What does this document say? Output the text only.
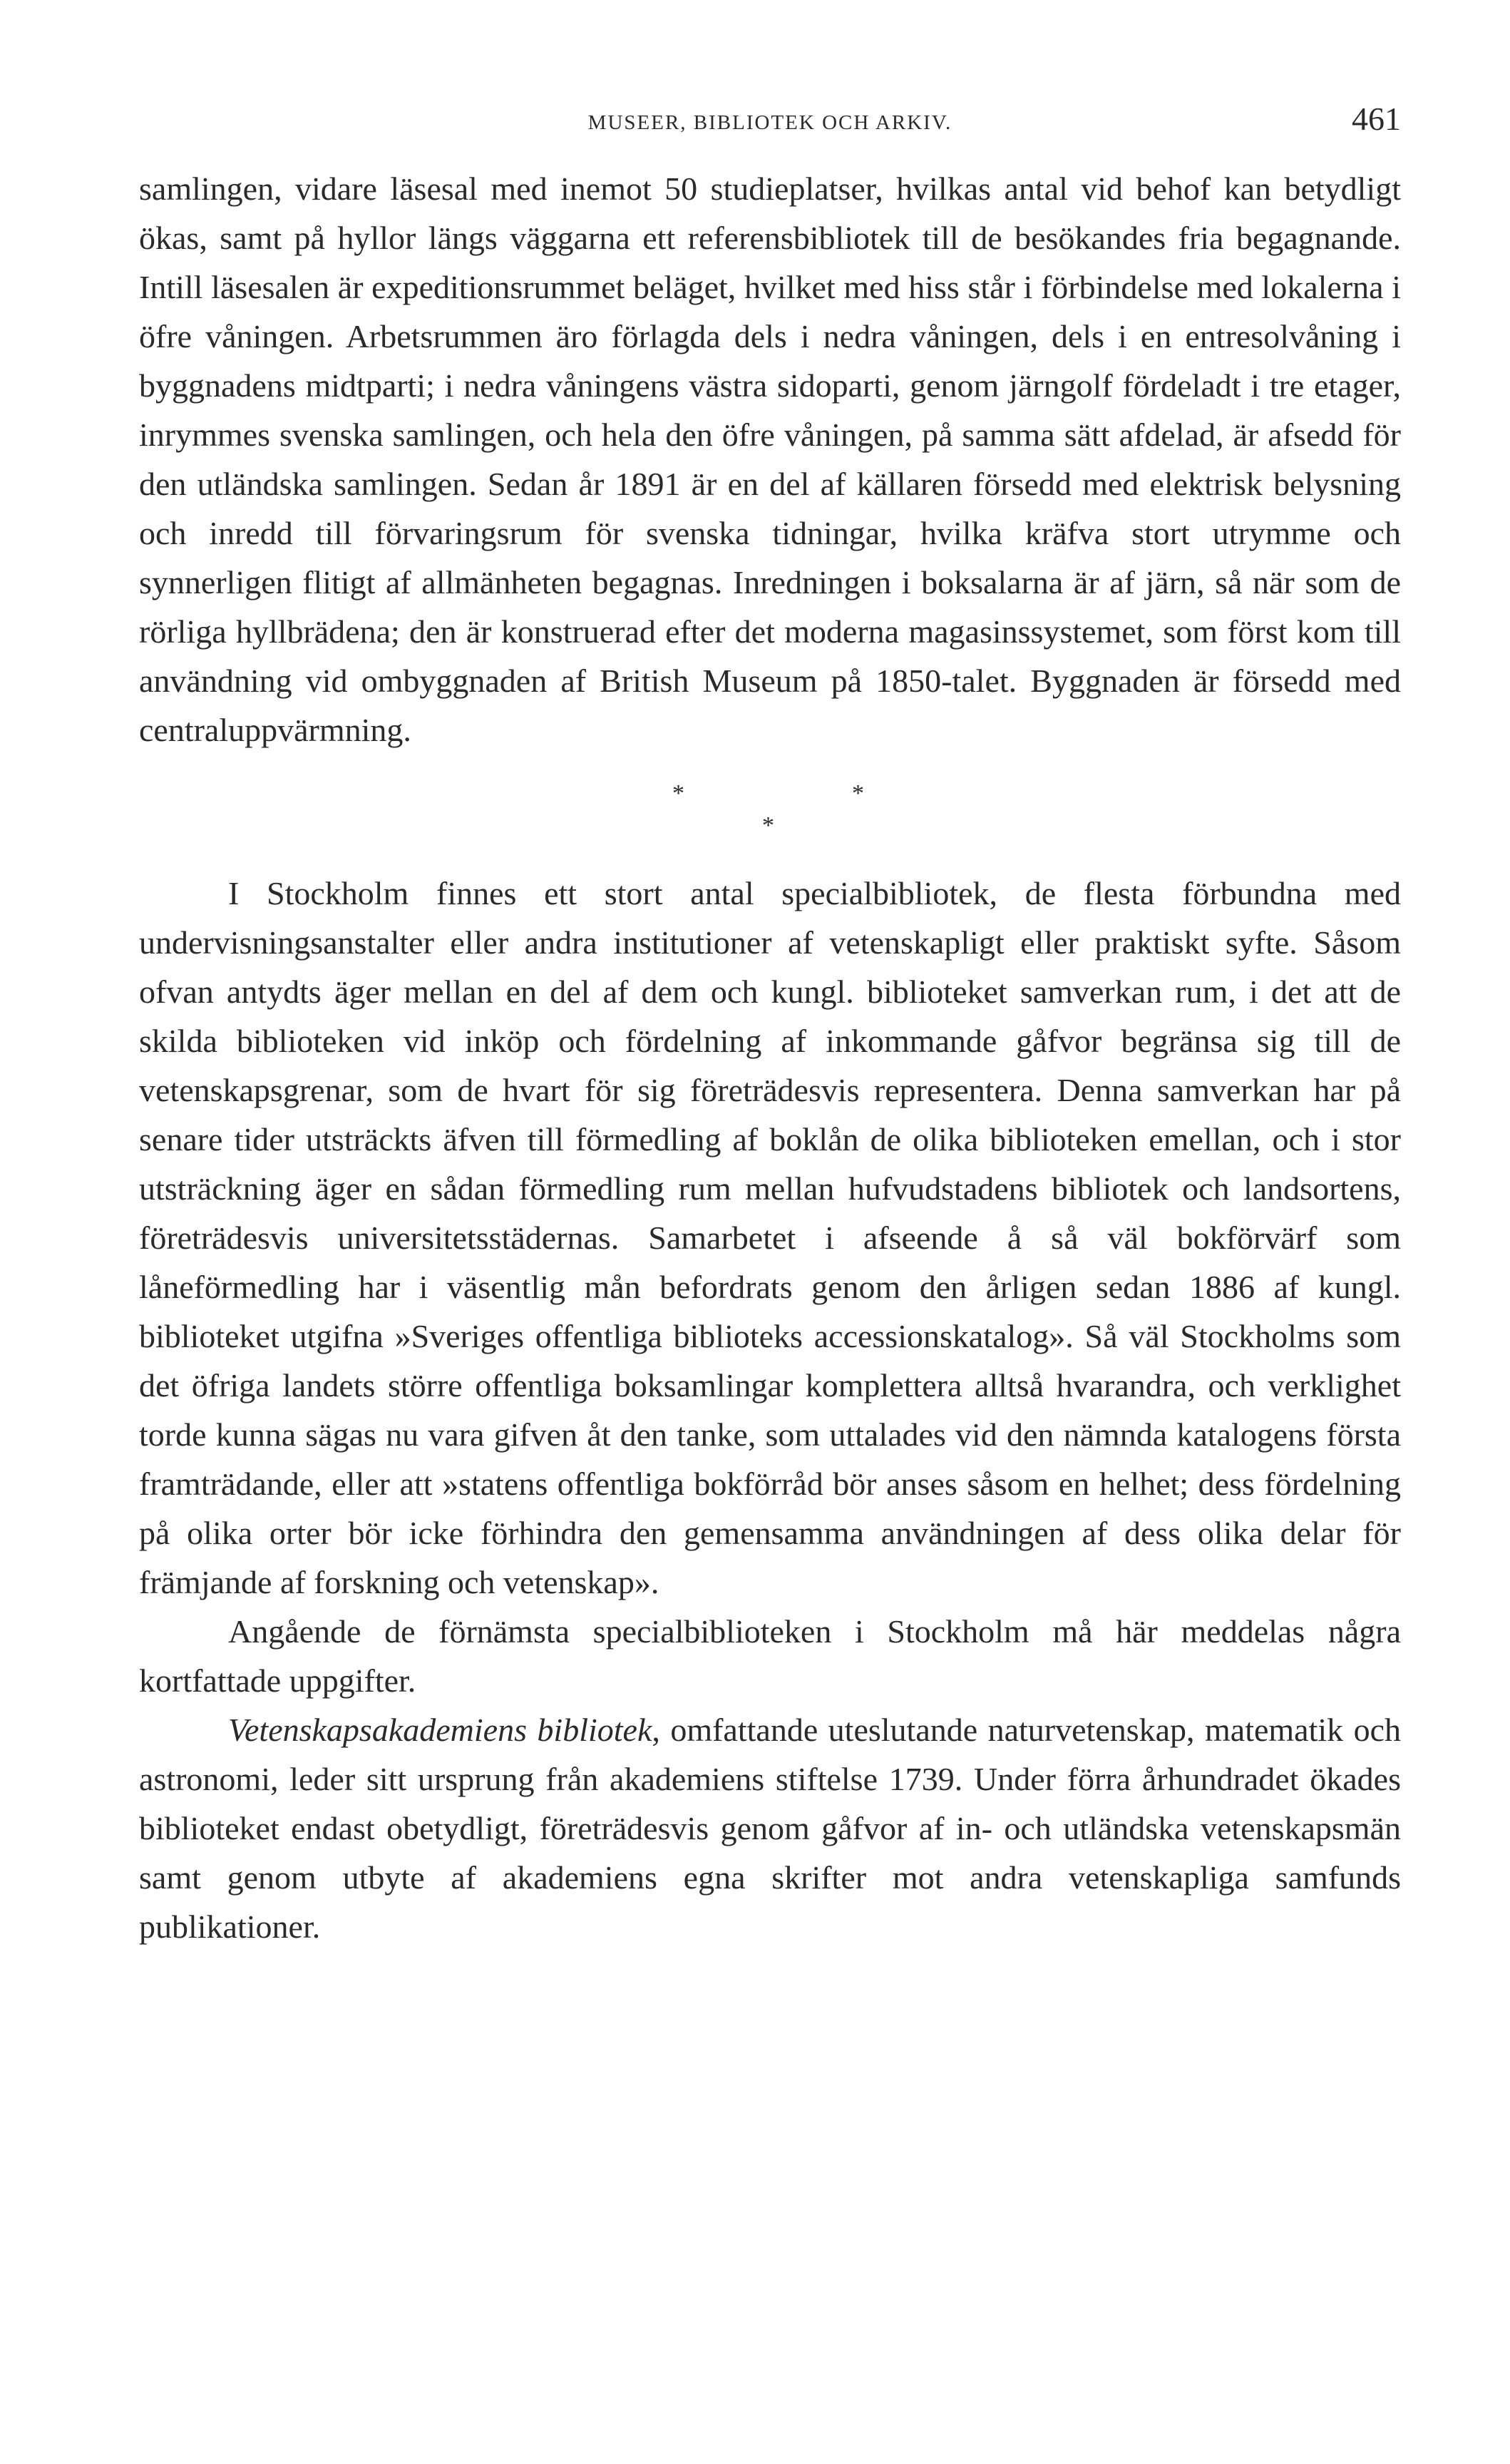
MUSEER, BIBLIOTEK OCH ARKIV.	461

samlingen, vidare läsesal med inemot 50 studieplatser, hvilkas antal vid behof kan betydligt ökas, samt på hyllor längs väggarna ett referensbibliotek till de besökandes fria begagnande. Intill läsesalen är expeditionsrummet beläget, hvilket med hiss står i förbindelse med lokalerna i öfre våningen. Arbetsrummen äro förlagda dels i nedra våningen, dels i en entresolvåning i byggnadens midtparti; i nedra våningens västra sidoparti, genom järngolf fördeladt i tre etager, inrymmes svenska samlingen, och hela den öfre våningen, på samma sätt afdelad, är afsedd för den utländska samlingen. Sedan år 1891 är en del af källaren försedd med elektrisk belysning och inredd till förvaringsrum för svenska tidningar, hvilka kräfva stort utrymme och synnerligen flitigt af allmänheten begagnas. Inredningen i boksalarna är af järn, så när som de rörliga hyllbrädena; den är konstruerad efter det moderna magasinssystemet, som först kom till användning vid ombyggnaden af British Museum på 1850-talet. Byggnaden är försedd med centraluppvärmning.

*	*
*

I Stockholm finnes ett stort antal specialbibliotek, de flesta förbundna med undervisningsanstalter eller andra institutioner af vetenskapligt eller praktiskt syfte. Såsom ofvan antydts äger mellan en del af dem och kungl. biblioteket samverkan rum, i det att de skilda biblioteken vid inköp och fördelning af inkommande gåfvor begränsa sig till de vetenskapsgrenar, som de hvart för sig företrädesvis representera. Denna samverkan har på senare tider utsträckts äfven till förmedling af boklån de olika biblioteken emellan, och i stor utsträckning äger en sådan förmedling rum mellan hufvudstadens bibliotek och landsortens, företrädesvis universitetsstädernas. Samarbetet i afseende å så väl bokförvärf som låneförmedling har i väsentlig mån befordrats genom den årligen sedan 1886 af kungl. biblioteket utgifna »Sveriges offentliga biblioteks accessionskatalog». Så väl Stockholms som det öfriga landets större offentliga boksamlingar komplettera alltså hvarandra, och verklighet torde kunna sägas nu vara gifven åt den tanke, som uttalades vid den nämnda katalogens första framträdande, eller att »statens offentliga bokförråd bör anses såsom en helhet; dess fördelning på olika orter bör icke förhindra den gemensamma användningen af dess olika delar för främjande af forskning och vetenskap».

Angående de förnämsta specialbiblioteken i Stockholm må här meddelas några kortfattade uppgifter.

Vetenskapsakademiens bibliotek, omfattande uteslutande naturvetenskap, matematik och astronomi, leder sitt ursprung från akademiens stiftelse 1739. Under förra århundradet ökades biblioteket endast obetydligt, företrädesvis genom gåfvor af in- och utländska vetenskapsmän samt genom utbyte af akademiens egna skrifter mot andra vetenskapliga samfunds publikationer.
